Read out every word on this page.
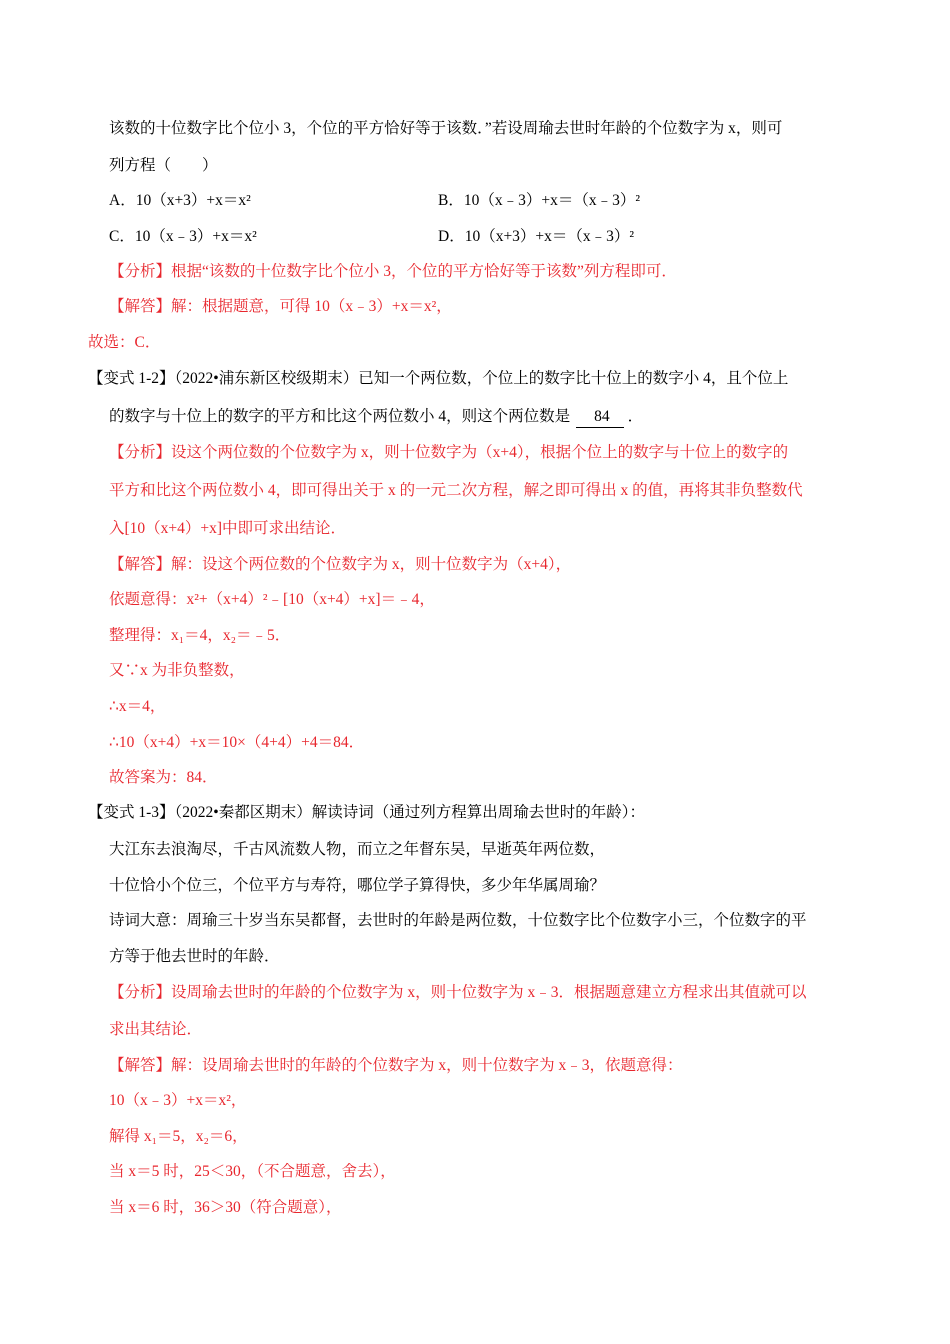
该数的十位数字比个位小 3，个位的平方恰好等于该数．”若设周瑜去世时年龄的个位数字为 x，则可
列方程（　　）
A．10（x+3）+x＝x²	B．10（x﹣3）+x＝（x﹣3）²
C．10（x﹣3）+x＝x²	D．10（x+3）+x＝（x﹣3）²
【分析】根据“该数的十位数字比个位小 3，个位的平方恰好等于该数”列方程即可．
【解答】解：根据题意，可得 10（x﹣3）+x＝x²，
故选：C．
【变式 1-2】（2022•浦东新区校级期末）已知一个两位数，个位上的数字比十位上的数字小 4，且个位上
的数字与十位上的数字的平方和比这个两位数小 4，则这个两位数是 84 ．
【分析】设这个两位数的个位数字为 x，则十位数字为（x+4），根据个位上的数字与十位上的数字的
平方和比这个两位数小 4，即可得出关于 x 的一元二次方程，解之即可得出 x 的值，再将其非负整数代
入[10（x+4）+x]中即可求出结论．
【解答】解：设这个两位数的个位数字为 x，则十位数字为（x+4），
依题意得：x²+（x+4）²﹣[10（x+4）+x]＝﹣4，
整理得：x₁＝4，x₂＝﹣5．
又∵x 为非负整数，
∴x＝4，
∴10（x+4）+x＝10×（4+4）+4＝84．
故答案为：84．
【变式 1-3】（2022•秦都区期末）解读诗词（通过列方程算出周瑜去世时的年龄）：
大江东去浪淘尽，千古风流数人物，而立之年督东吴，早逝英年两位数，
十位恰小个位三，个位平方与寿符，哪位学子算得快，多少年华属周瑜？
诗词大意：周瑜三十岁当东吴都督，去世时的年龄是两位数，十位数字比个位数字小三，个位数字的平
方等于他去世时的年龄．
【分析】设周瑜去世时的年龄的个位数字为 x，则十位数字为 x﹣3．根据题意建立方程求出其值就可以
求出其结论．
【解答】解：设周瑜去世时的年龄的个位数字为 x，则十位数字为 x﹣3，依题意得：
10（x﹣3）+x＝x²，
解得 x₁＝5，x₂＝6，
当 x＝5 时，25＜30，（不合题意，舍去），
当 x＝6 时，36＞30（符合题意），
